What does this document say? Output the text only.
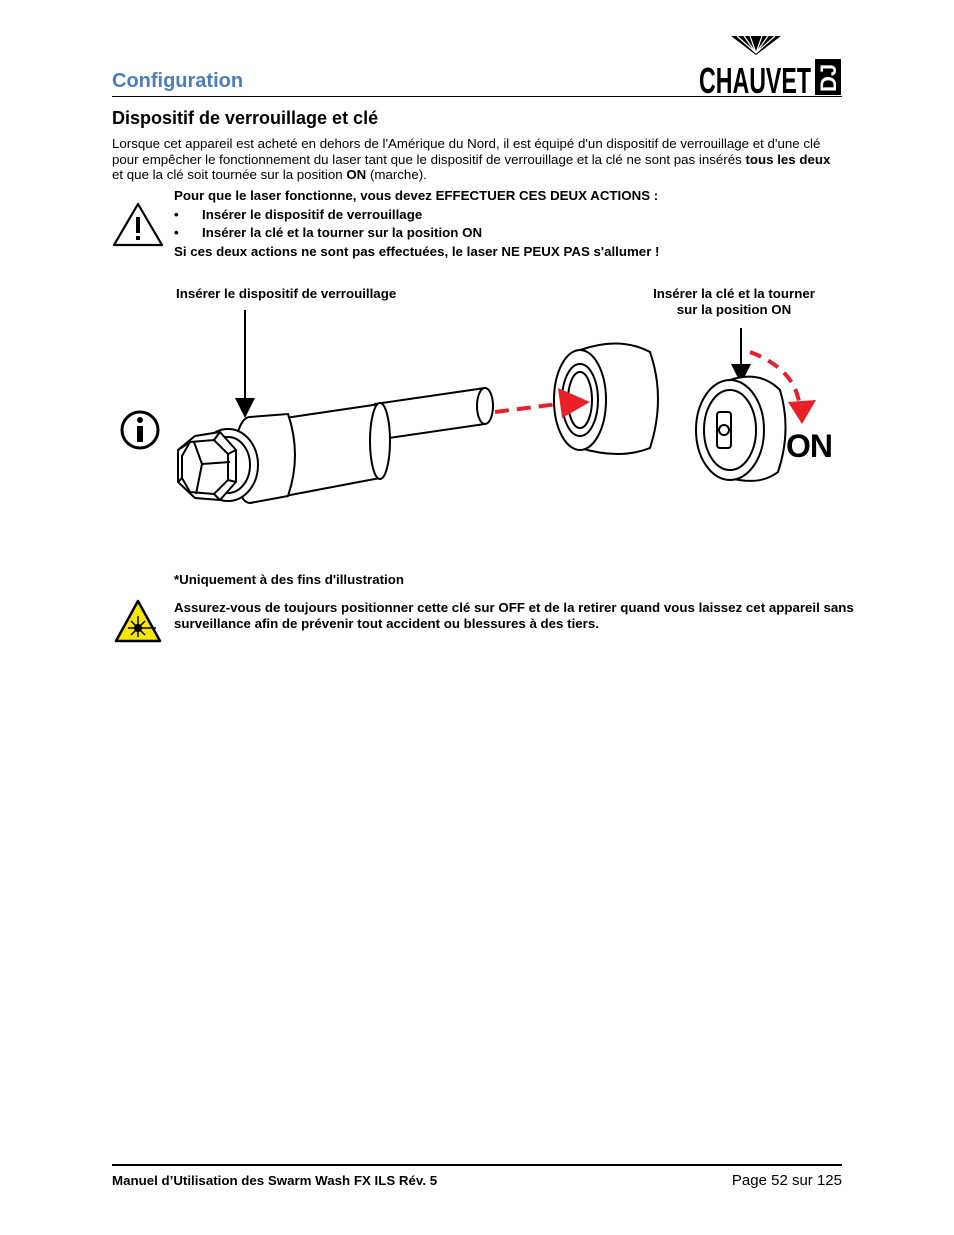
Configuration	CHAUVET DJ
Dispositif de verrouillage et clé
Lorsque cet appareil est acheté en dehors de l'Amérique du Nord, il est équipé d'un dispositif de verrouillage et d'une clé pour empêcher le fonctionnement du laser tant que le dispositif de verrouillage et la clé ne sont pas insérés tous les deux et que la clé soit tournée sur la position ON (marche).
Pour que le laser fonctionne, vous devez EFFECTUER CES DEUX ACTIONS :
•	Insérer le dispositif de verrouillage
•	Insérer la clé et la tourner sur la position ON
Si ces deux actions ne sont pas effectuées, le laser NE PEUX PAS s'allumer !
Insérer le dispositif de verrouillage	Insérer la clé et la tourner
sur la position ON
ON
*Uniquement à des fins d'illustration
Assurez-vous de toujours positionner cette clé sur OFF et de la retirer quand vous laissez cet appareil sans surveillance afin de prévenir tout accident ou blessures à des tiers.
Manuel d’Utilisation des Swarm Wash FX ILS Rév. 5	Page 52 sur 125
